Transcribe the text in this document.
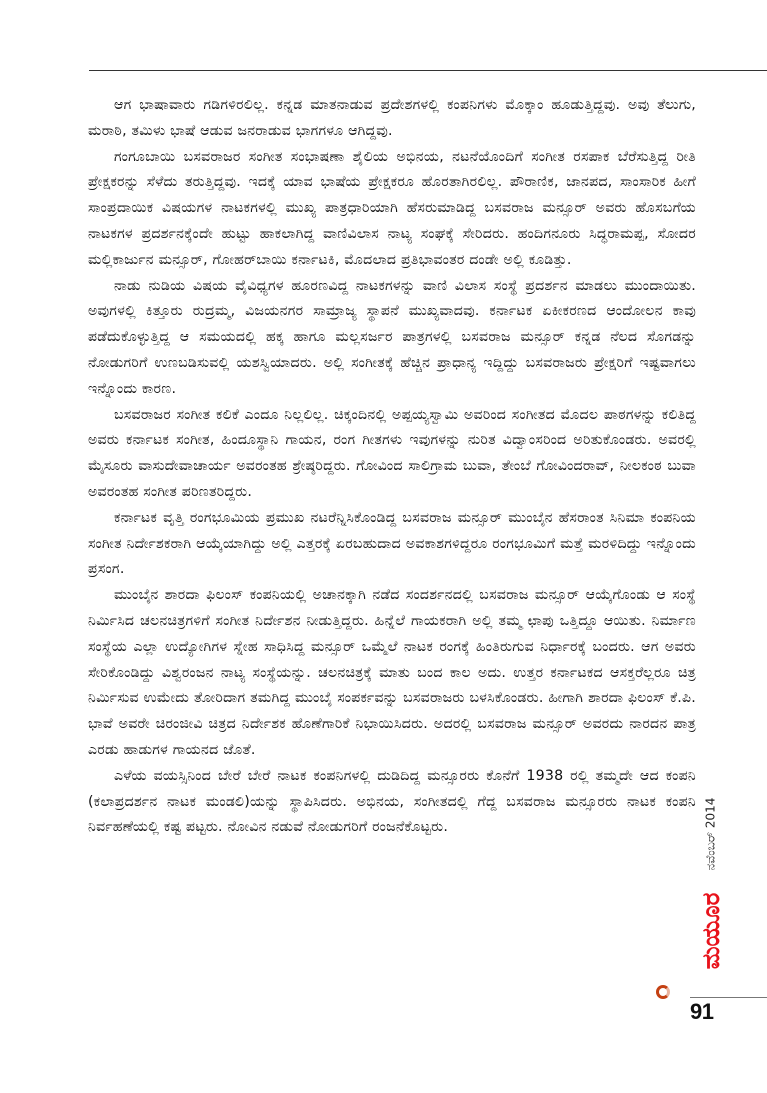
ಆಗ ಭಾಷಾವಾರು ಗಡಿಗಳಿರಲಿಲ್ಲ. ಕನ್ನಡ ಮಾತನಾಡುವ ಪ್ರದೇಶಗಳಲ್ಲಿ ಕಂಪನಿಗಳು ಮೊಕ್ಕಾಂ ಹೂಡುತ್ತಿದ್ದವು. ಅವು ತೆಲುಗು, ಮರಾಠಿ, ತಮಿಳು ಭಾಷೆ ಆಡುವ ಜನರಾಡುವ ಭಾಗಗಳೂ ಆಗಿದ್ದವು.

ಗಂಗೂಬಾಯಿ ಬಸವರಾಜರ ಸಂಗೀತ ಸಂಭಾಷಣಾ ಶೈಲಿಯ ಅಭಿನಯ, ನಟನೆಯೊಂದಿಗೆ ಸಂಗೀತ ರಸಪಾಕ ಬೆರೆಸುತ್ತಿದ್ದ ರೀತಿ ಪ್ರೇಕ್ಷಕರನ್ನು ಸೆಳೆದು ತರುತ್ತಿದ್ದವು. ಇದಕ್ಕೆ ಯಾವ ಭಾಷೆಯ ಪ್ರೇಕ್ಷಕರೂ ಹೊರತಾಗಿರಲಿಲ್ಲ. ಪೌರಾಣಿಕ, ಜಾನಪದ, ಸಾಂಸಾರಿಕ ಹೀಗೆ ಸಾಂಪ್ರದಾಯಿಕ ವಿಷಯಗಳ ನಾಟಕಗಳಲ್ಲಿ ಮುಖ್ಯ ಪಾತ್ರಧಾರಿಯಾಗಿ ಹೆಸರುಮಾಡಿದ್ದ ಬಸವರಾಜ ಮನ್ಸೂರ್ ಅವರು ಹೊಸಬಗೆಯ ನಾಟಕಗಳ ಪ್ರದರ್ಶನಕ್ಕೆಂದೇ ಹುಟ್ಟು ಹಾಕಲಾಗಿದ್ದ ವಾಣಿವಿಲಾಸ ನಾಟ್ಯ ಸಂಘಕ್ಕೆ ಸೇರಿದರು. ಹಂದಿಗನೂರು ಸಿದ್ಧರಾಮಪ್ಪ, ಸೋದರ ಮಲ್ಲಿಕಾರ್ಜುನ ಮನ್ಸೂರ್, ಗೋಹರ್‌ಬಾಯಿ ಕರ್ನಾಟಕಿ, ಮೊದಲಾದ ಪ್ರತಿಭಾವಂತರ ದಂಡೇ ಅಲ್ಲಿ ಕೂಡಿತ್ತು.

ನಾಡು ನುಡಿಯ ವಿಷಯ ವೈವಿಧ್ಯಗಳ ಹೂರಣವಿದ್ದ ನಾಟಕಗಳನ್ನು ವಾಣಿ ವಿಲಾಸ ಸಂಸ್ಥೆ ಪ್ರದರ್ಶನ ಮಾಡಲು ಮುಂದಾಯಿತು. ಅವುಗಳಲ್ಲಿ ಕಿತ್ತೂರು ರುದ್ರಮ್ಮ, ವಿಜಯನಗರ ಸಾಮ್ರಾಜ್ಯ ಸ್ಥಾಪನೆ ಮುಖ್ಯವಾದವು. ಕರ್ನಾಟಕ ಏಕೀಕರಣದ ಆಂದೋಲನ ಕಾವು ಪಡೆದುಕೊಳ್ಳುತ್ತಿದ್ದ ಆ ಸಮಯದಲ್ಲಿ ಹಕ್ಕ ಹಾಗೂ ಮಲ್ಲಸರ್ಜರ ಪಾತ್ರಗಳಲ್ಲಿ ಬಸವರಾಜ ಮನ್ಸೂರ್ ಕನ್ನಡ ನೆಲದ ಸೊಗಡನ್ನು ನೋಡುಗರಿಗೆ ಉಣಬಡಿಸುವಲ್ಲಿ ಯಶಸ್ವಿಯಾದರು. ಅಲ್ಲಿ ಸಂಗೀತಕ್ಕೆ ಹೆಚ್ಚಿನ ಪ್ರಾಧಾನ್ಯ ಇದ್ದಿದ್ದು ಬಸವರಾಜರು ಪ್ರೇಕ್ಷರಿಗೆ ಇಷ್ಟವಾಗಲು ಇನ್ನೊಂದು ಕಾರಣ.

ಬಸವರಾಜರ ಸಂಗೀತ ಕಲಿಕೆ ಎಂದೂ ನಿಲ್ಲಲಿಲ್ಲ. ಚಿಕ್ಕಂದಿನಲ್ಲಿ ಅಪ್ಪಯ್ಯಸ್ವಾಮಿ ಅವರಿಂದ ಸಂಗೀತದ ಮೊದಲ ಪಾಠಗಳನ್ನು ಕಲಿತಿದ್ದ ಅವರು ಕರ್ನಾಟಕ ಸಂಗೀತ, ಹಿಂದೂಸ್ಥಾನಿ ಗಾಯನ, ರಂಗ ಗೀತಗಳು ಇವುಗಳನ್ನು ನುರಿತ ವಿದ್ವಾಂಸರಿಂದ ಅರಿತುಕೊಂಡರು. ಅವರಲ್ಲಿ ಮೈಸೂರು ವಾಸುದೇವಾಚಾರ್ಯ ಅವರಂತಹ ಶ್ರೇಷ್ಠರಿದ್ದರು. ಗೋವಿಂದ ಸಾಲಿಗ್ರಾಮ ಬುವಾ, ತೇಂಬೆ ಗೋವಿಂದರಾವ್, ನೀಲಕಂಠ ಬುವಾ ಅವರಂತಹ ಸಂಗೀತ ಪರಿಣತರಿದ್ದರು.

ಕರ್ನಾಟಕ ವೃತ್ತಿ ರಂಗಭೂಮಿಯ ಪ್ರಮುಖ ನಟರೆನ್ನಿಸಿಕೊಂಡಿದ್ದ ಬಸವರಾಜ ಮನ್ಸೂರ್ ಮುಂಬೈನ ಹೆಸರಾಂತ ಸಿನಿಮಾ ಕಂಪನಿಯ ಸಂಗೀತ ನಿರ್ದೇಶಕರಾಗಿ ಆಯ್ಕೆಯಾಗಿದ್ದು ಅಲ್ಲಿ ಎತ್ತರಕ್ಕೆ ಏರಬಹುದಾದ ಅವಕಾಶಗಳಿದ್ದರೂ ರಂಗಭೂಮಿಗೆ ಮತ್ತೆ ಮರಳಿದಿದ್ದು ಇನ್ನೊಂದು ಪ್ರಸಂಗ.

ಮುಂಬೈನ ಶಾರದಾ ಫಿಲಂಸ್ ಕಂಪನಿಯಲ್ಲಿ ಅಚಾನಕ್ಕಾಗಿ ನಡೆದ ಸಂದರ್ಶನದಲ್ಲಿ ಬಸವರಾಜ ಮನ್ಸೂರ್ ಆಯ್ಕೆಗೊಂಡು ಆ ಸಂಸ್ಥೆ ನಿರ್ಮಿಸಿದ ಚಲನಚಿತ್ರಗಳಿಗೆ ಸಂಗೀತ ನಿರ್ದೇಶನ ನೀಡುತ್ತಿದ್ದರು. ಹಿನ್ನೆಲೆ ಗಾಯಕರಾಗಿ ಅಲ್ಲಿ ತಮ್ಮ ಛಾಪು ಒತ್ತಿದ್ದೂ ಆಯಿತು. ನಿರ್ಮಾಣ ಸಂಸ್ಥೆಯ ಎಲ್ಲಾ ಉದ್ಯೋಗಿಗಳ ಸ್ನೇಹ ಸಾಧಿಸಿದ್ದ ಮನ್ಸೂರ್ ಒಮ್ಮೆಲೆ ನಾಟಕ ರಂಗಕ್ಕೆ ಹಿಂತಿರುಗುವ ನಿರ್ಧಾರಕ್ಕೆ ಬಂದರು. ಆಗ ಅವರು ಸೇರಿಕೊಂಡಿದ್ದು ವಿಶ್ವರಂಜನ ನಾಟ್ಯ ಸಂಸ್ಥೆಯನ್ನು. ಚಲನಚಿತ್ರಕ್ಕೆ ಮಾತು ಬಂದ ಕಾಲ ಅದು. ಉತ್ತರ ಕರ್ನಾಟಕದ ಆಸಕ್ತರೆಲ್ಲರೂ ಚಿತ್ರ ನಿರ್ಮಿಸುವ ಉಮೇದು ತೋರಿದಾಗ ತಮಗಿದ್ದ ಮುಂಬೈ ಸಂಪರ್ಕವನ್ನು ಬಸವರಾಜರು ಬಳಸಿಕೊಂಡರು. ಹೀಗಾಗಿ ಶಾರದಾ ಫಿಲಂಸ್ ಕೆ.ಪಿ. ಭಾವೆ ಅವರೇ ಚಿರಂಜೀವಿ ಚಿತ್ರದ ನಿರ್ದೇಶಕ ಹೊಣೆಗಾರಿಕೆ ನಿಭಾಯಿಸಿದರು. ಅದರಲ್ಲಿ ಬಸವರಾಜ ಮನ್ಸೂರ್ ಅವರದು ನಾರದನ ಪಾತ್ರ ಎರಡು ಹಾಡುಗಳ ಗಾಯನದ ಜೊತೆ.

ಎಳೆಯ ವಯಸ್ಸಿನಿಂದ ಬೇರೆ ಬೇರೆ ನಾಟಕ ಕಂಪನಿಗಳಲ್ಲಿ ದುಡಿದಿದ್ದ ಮನ್ಸೂರರು ಕೊನೆಗೆ 1938 ರಲ್ಲಿ ತಮ್ಮದೇ ಆದ ಕಂಪನಿ (ಕಲಾಪ್ರದರ್ಶನ ನಾಟಕ ಮಂಡಲಿ)ಯನ್ನು ಸ್ಥಾಪಿಸಿದರು. ಅಭಿನಯ, ಸಂಗೀತದಲ್ಲಿ ಗೆದ್ದ ಬಸವರಾಜ ಮನ್ಸೂರರು ನಾಟಕ ಕಂಪನಿ ನಿರ್ವಹಣೆಯಲ್ಲಿ ಕಷ್ಟ ಪಟ್ಟರು. ನೋವಿನ ನಡುವೆ ನೋಡುಗರಿಗೆ ರಂಜನೆಕೊಟ್ಟರು.	ನವೆಂಬರ್ 2014
ಮಯೂರ
91
